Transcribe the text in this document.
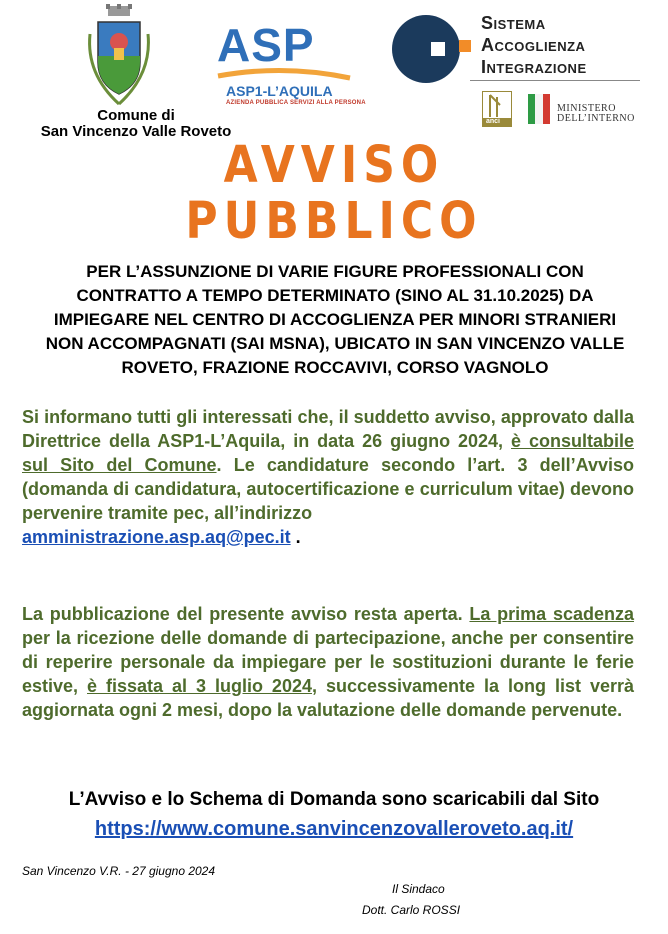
Comune di
San Vincenzo Valle Roveto
ASP
ASP1-L’AQUILA
AZIENDA PUBBLICA SERVIZI ALLA PERSONA
Sistema
Accoglienza
Integrazione
anci
MINISTERO
DELL’INTERNO
AVVISO
PUBBLICO
PER L’ASSUNZIONE DI VARIE FIGURE PROFESSIONALI CON CONTRATTO A TEMPO DETERMINATO (SINO AL 31.10.2025) DA IMPIEGARE NEL CENTRO DI ACCOGLIENZA PER MINORI STRANIERI NON ACCOMPAGNATI (SAI MSNA), UBICATO IN SAN VINCENZO VALLE ROVETO, FRAZIONE ROCCAVIVI, CORSO VAGNOLO
Si informano tutti gli interessati che, il suddetto avviso, approvato dalla Direttrice della ASP1-L’Aquila, in data 26 giugno 2024, è consultabile sul Sito del Comune. Le candidature secondo l’art. 3 dell’Avviso (domanda di candidatura, autocertificazione e curriculum vitae) devono pervenire tramite pec, all’indirizzo
amministrazione.asp.aq@pec.it .
La pubblicazione del presente avviso resta aperta. La prima scadenza per la ricezione delle domande di partecipazione, anche per consentire di reperire personale da impiegare per le sostituzioni durante le ferie estive, è fissata al 3 luglio 2024, successivamente la long list verrà aggiornata ogni 2 mesi, dopo la valutazione delle domande pervenute.
L’Avviso e lo Schema di Domanda sono scaricabili dal Sito
https://www.comune.sanvincenzovalleroveto.aq.it/
San Vincenzo V.R. - 27 giugno 2024
Il Sindaco
Dott. Carlo ROSSI
